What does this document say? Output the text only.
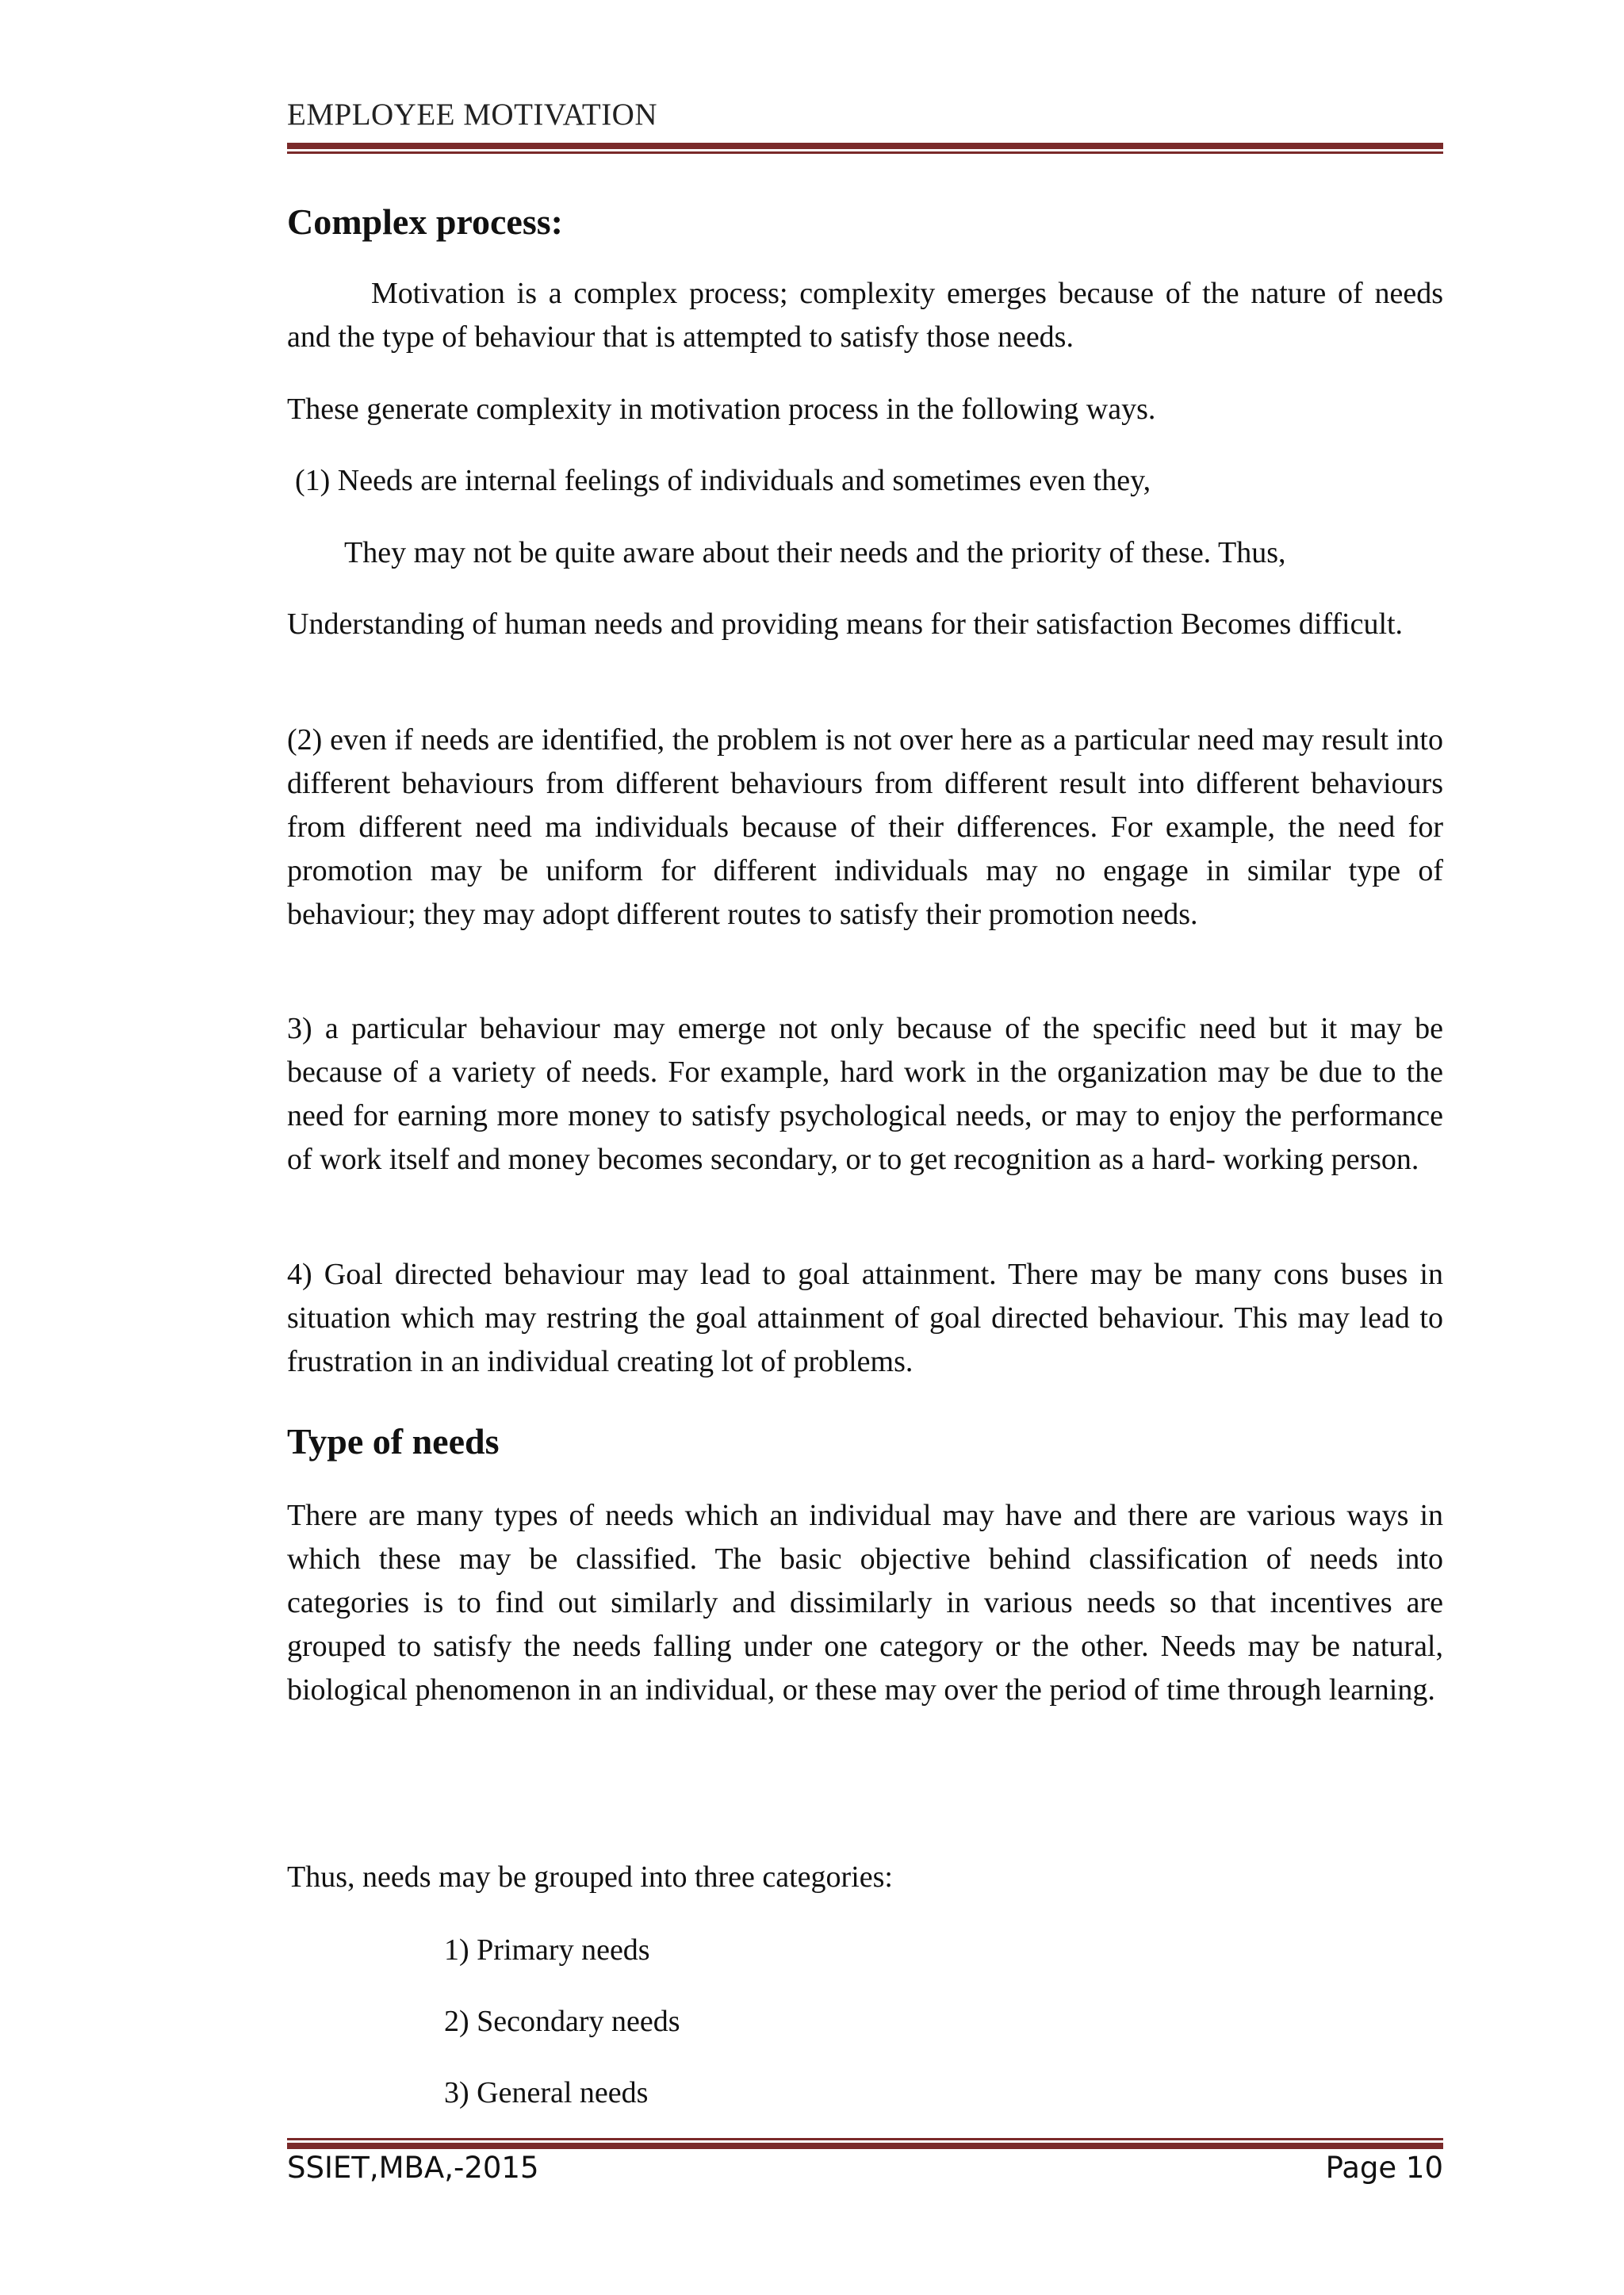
EMPLOYEE MOTIVATION
Complex process:

Motivation is a complex process; complexity emerges because of the nature of needs and the type of behaviour that is attempted to satisfy those needs.

These generate complexity in motivation process in the following ways.

(1) Needs are internal feelings of individuals and sometimes even they,

They may not be quite aware about their needs and the priority of these. Thus,

Understanding of human needs and providing means for their satisfaction Becomes difficult.

(2) even if needs are identified, the problem is not over here as a particular need may result into different behaviours from different behaviours from different result into different behaviours from different need ma individuals because of their differences. For example, the need for promotion may be uniform for different individuals may no engage in similar type of behaviour; they may adopt different routes to satisfy their promotion needs.

3) a particular behaviour may emerge not only because of the specific need but it may be because of a variety of needs. For example, hard work in the organization may be due to the need for earning more money to satisfy psychological needs, or may to enjoy the performance of work itself and money becomes secondary, or to get recognition as a hard- working person.

4) Goal directed behaviour may lead to goal attainment. There may be many cons buses in situation which may restring the goal attainment of goal directed behaviour. This may lead to frustration in an individual creating lot of problems.

Type of needs

There are many types of needs which an individual may have and there are various ways in which these may be classified. The basic objective behind classification of needs into categories is to find out similarly and dissimilarly in various needs so that incentives are grouped to satisfy the needs falling under one category or the other. Needs may be natural, biological phenomenon in an individual, or these may over the period of time through learning.

Thus, needs may be grouped into three categories:

1) Primary needs

2) Secondary needs

3) General needs

SSIET,MBA,-2015	Page 10
